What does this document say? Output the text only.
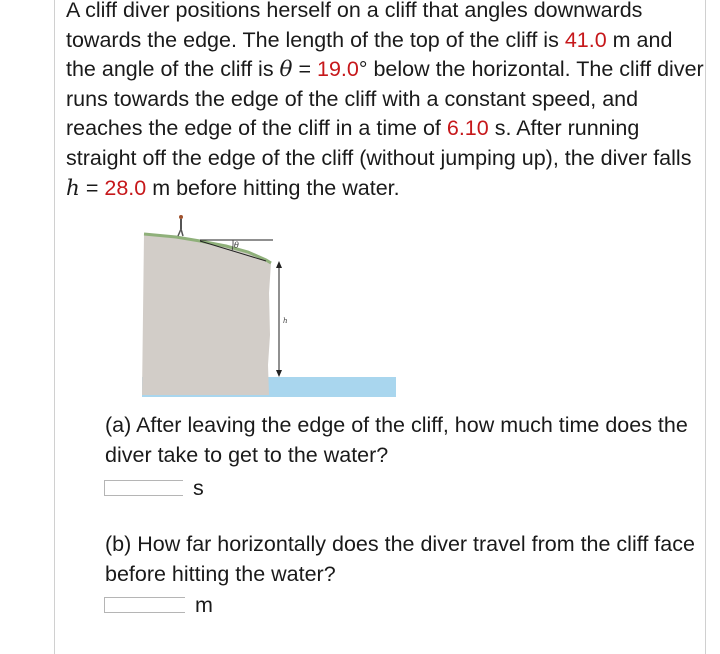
A cliff diver positions herself on a cliff that angles downwards towards the edge. The length of the top of the cliff is 41.0 m and the angle of the cliff is θ = 19.0° below the horizontal. The cliff diver runs towards the edge of the cliff with a constant speed, and reaches the edge of the cliff in a time of 6.10 s. After running straight off the edge of the cliff (without jumping up), the diver falls h = 28.0 m before hitting the water.

θ
h

(a) After leaving the edge of the cliff, how much time does the diver take to get to the water?

s

(b) How far horizontally does the diver travel from the cliff face before hitting the water?

m
